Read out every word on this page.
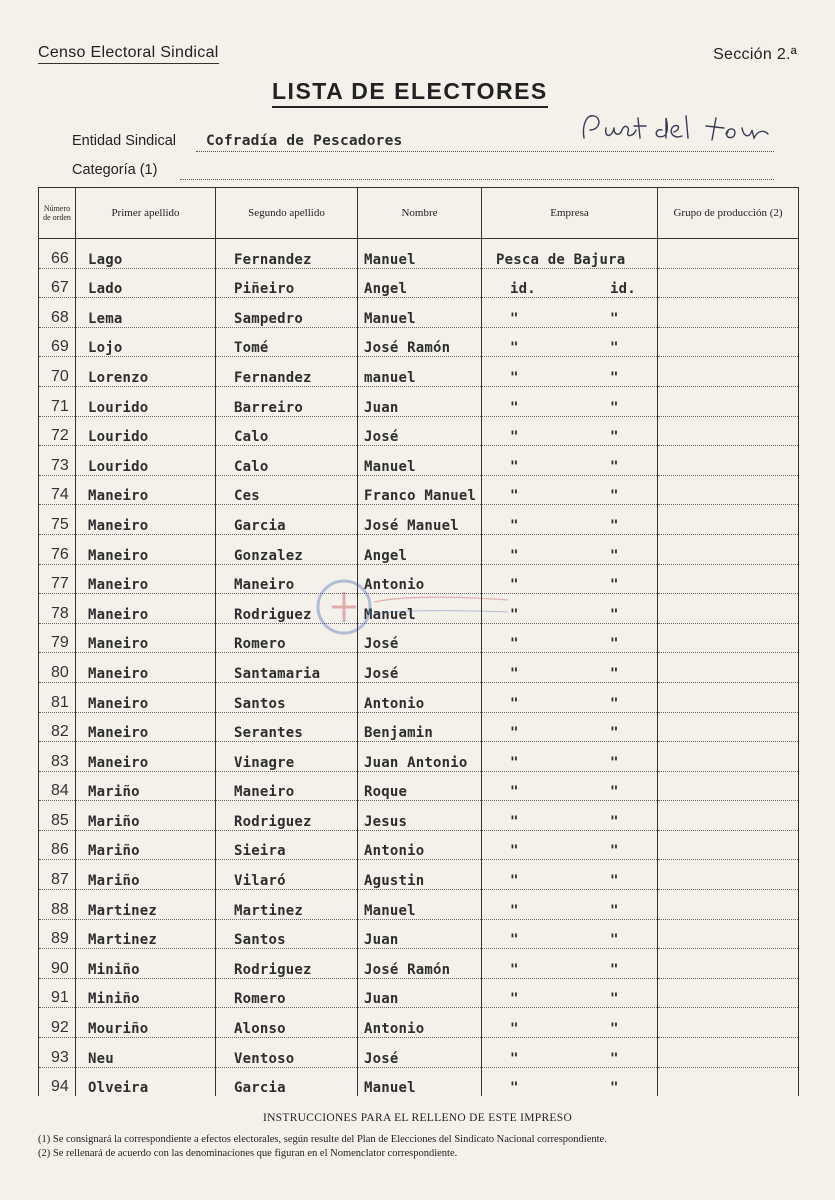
Censo Electoral Sindical	Sección 2.ª
LISTA DE ELECTORES
Entidad Sindical Cofradía de Pescadores
Categoría (1)
Número de orden	Primer apellido	Segundo apellido	Nombre	Empresa	Grupo de producción (2)
66	Lago	Fernandez	Manuel	Pesca de Bajura	
67	Lado	Piñeiro	Angel	id. id.	
68	Lema	Sampedro	Manuel	" "	
69	Lojo	Tomé	José Ramón	" "	
70	Lorenzo	Fernandez	manuel	" "	
71	Lourido	Barreiro	Juan	" "	
72	Lourido	Calo	José	" "	
73	Lourido	Calo	Manuel	" "	
74	Maneiro	Ces	Franco Manuel	" "	
75	Maneiro	Garcia	José Manuel	" "	
76	Maneiro	Gonzalez	Angel	" "	
77	Maneiro	Maneiro	Antonio	" "	
78	Maneiro	Rodriguez	Manuel	" "	
79	Maneiro	Romero	José	" "	
80	Maneiro	Santamaria	José	" "	
81	Maneiro	Santos	Antonio	" "	
82	Maneiro	Serantes	Benjamin	" "	
83	Maneiro	Vinagre	Juan Antonio	" "	
84	Mariño	Maneiro	Roque	" "	
85	Mariño	Rodriguez	Jesus	" "	
86	Mariño	Sieira	Antonio	" "	
87	Mariño	Vilaró	Agustin	" "	
88	Martinez	Martinez	Manuel	" "	
89	Martinez	Santos	Juan	" "	
90	Miniño	Rodriguez	José Ramón	" "	
91	Miniño	Romero	Juan	" "	
92	Mouriño	Alonso	Antonio	" "	
93	Neu	Ventoso	José	" "	
94	Olveira	Garcia	Manuel	" "	
INSTRUCCIONES PARA EL RELLENO DE ESTE IMPRESO
(1) Se consignará la correspondiente a efectos electorales, según resulte del Plan de Elecciones del Sindicato Nacional correspondiente.
(2) Se rellenará de acuerdo con las denominaciones que figuran en el Nomenclator correspondiente.
